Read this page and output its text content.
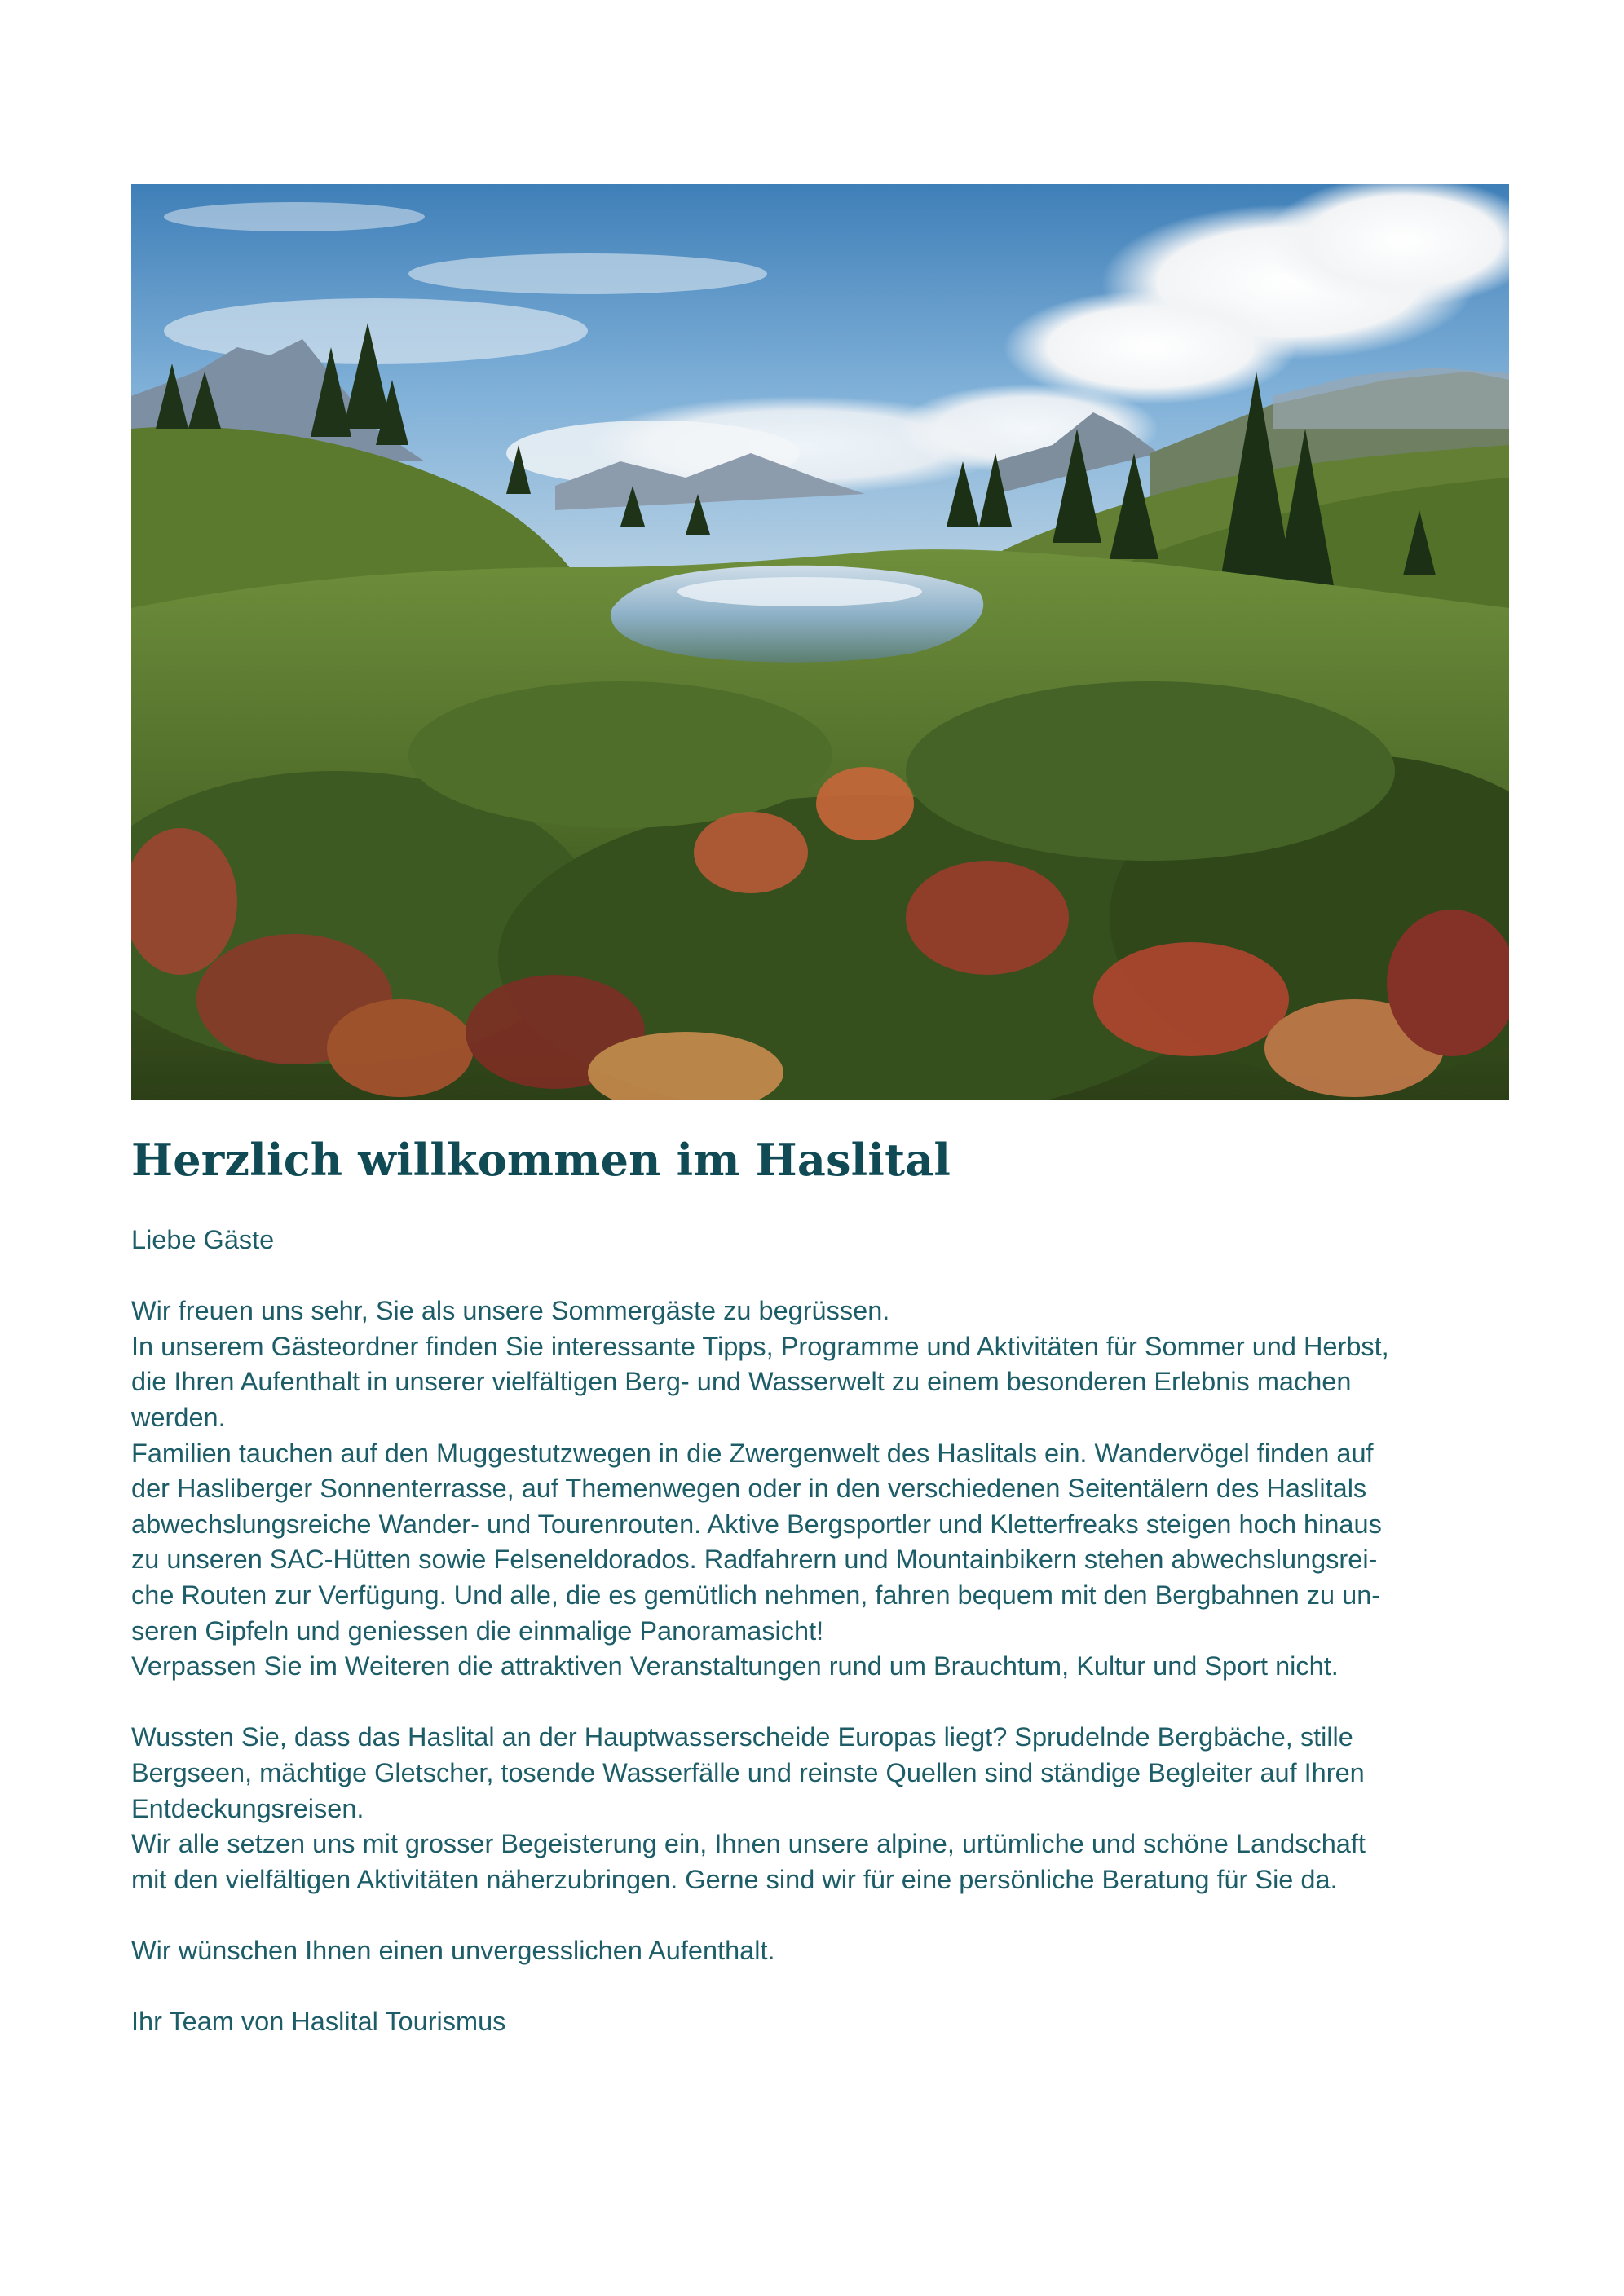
Herzlich willkommen im Haslital

Liebe Gäste

Wir freuen uns sehr, Sie als unsere Sommergäste zu begrüssen.

In unserem Gästeordner finden Sie interessante Tipps, Programme und Aktivitäten für Sommer und Herbst,

die Ihren Aufenthalt in unserer vielfältigen Berg- und Wasserwelt zu einem besonderen Erlebnis machen

werden.

Familien tauchen auf den Muggestutzwegen in die Zwergenwelt des Haslitals ein. Wandervögel finden auf

der Hasliberger Sonnenterrasse, auf Themenwegen oder in den verschiedenen Seitentälern des Haslitals

abwechslungsreiche Wander- und Tourenrouten. Aktive Bergsportler und Kletterfreaks steigen hoch hinaus

zu unseren SAC-Hütten sowie Felseneldorados. Radfahrern und Mountainbikern stehen abwechslungsrei-

che Routen zur Verfügung. Und alle, die es gemütlich nehmen, fahren bequem mit den Bergbahnen zu un-

seren Gipfeln und geniessen die einmalige Panoramasicht!

Verpassen Sie im Weiteren die attraktiven Veranstaltungen rund um Brauchtum, Kultur und Sport nicht.

Wussten Sie, dass das Haslital an der Hauptwasserscheide Europas liegt? Sprudelnde Bergbäche, stille

Bergseen, mächtige Gletscher, tosende Wasserfälle und reinste Quellen sind ständige Begleiter auf Ihren

Entdeckungsreisen.

Wir alle setzen uns mit grosser Begeisterung ein, Ihnen unsere alpine, urtümliche und schöne Landschaft

mit den vielfältigen Aktivitäten näherzubringen. Gerne sind wir für eine persönliche Beratung für Sie da.

Wir wünschen Ihnen einen unvergesslichen Aufenthalt.

Ihr Team von Haslital Tourismus
